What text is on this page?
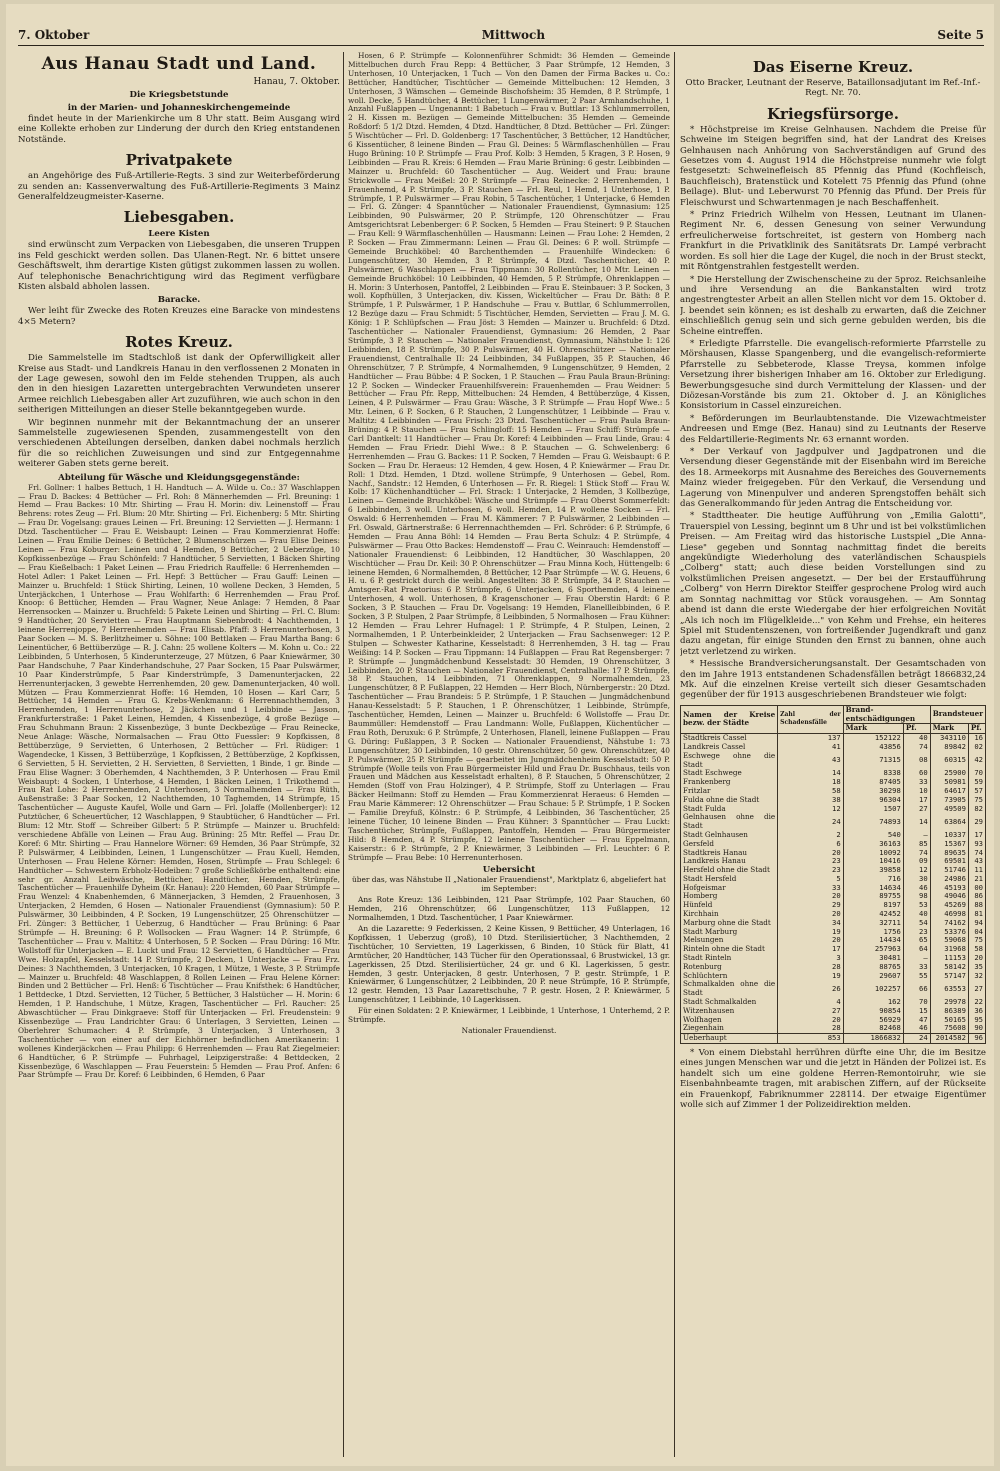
7. Oktober	Mittwoch	Seite 5
Aus Hanau Stadt und Land.
Hanau, 7. Oktober.
Die Kriegsbetstunde
in der Marien- und Johanneskirchengemeinde

findet heute in der Marienkirche um 8 Uhr statt. Beim Ausgang wird eine Kollekte erhoben zur Linderung der durch den Krieg entstandenen Notstände.

Privatpakete

an Angehörige des Fuß-Artillerie-Regts. 3 sind zur Weiterbeförderung zu senden an: Kassenverwaltung des Fuß-Artillerie-Regiments 3 Mainz Generalfeldzeugmeister-Kaserne.

Liebesgaben.
Leere Kisten

sind erwünscht zum Verpacken von Liebesgaben, die unseren Truppen ins Feld geschickt werden sollen. Das Ulanen-Regt. Nr. 6 bittet unsere Geschäftswelt, ihm derartige Kisten gütigst zukommen lassen zu wollen. Auf telephonische Benachrichtigung wird das Regiment verfügbare Kisten alsbald abholen lassen.

Baracke.

Wer leiht für Zwecke des Roten Kreuzes eine Baracke von mindestens 4×5 Metern?

Rotes Kreuz.

Die Sammelstelle im Stadtschloß ist dank der Opferwilligkeit aller Kreise aus Stadt- und Landkreis Hanau in den verflossenen 2 Monaten in der Lage gewesen, sowohl den im Felde stehenden Truppen, als auch den in den hiesigen Lazaretten untergebrachten Verwundeten unserer Armee reichlich Liebesgaben aller Art zuzuführen, wie auch schon in den seitherigen Mitteilungen an dieser Stelle bekanntgegeben wurde.

Wir beginnen nunmehr mit der Bekanntmachung der an unserer Sammelstelle zugewiesenen Spenden, zusammengestellt von den verschiedenen Abteilungen derselben, danken dabei nochmals herzlich für die so reichlichen Zuweisungen und sind zur Entgegennahme weiterer Gaben stets gerne bereit.

Abteilung für Wäsche und Kleidungsgegenstände:

Frl. Gollner: 1 halbes Bettuch, 1 H. Handtuch — A. Wilde u. Co.: 37 Waschlappen — Frau D. Backes: 4 Bettücher — Frl. Roh: 8 Männerhemden — Frl. Breuning: 1 Hemd — Frau Backes: 10 Mtr. Shirting — Frau H. Morin: div. Leinenstoff — Frau Behrens: rotes Zeug — Frl. Blum: 20 Mtr. Shirting — Frl. Eichenberg: 5 Mtr. Shirting — Frau Dr. Vogelsang: graues Leinen — Frl. Breuning: 12 Servietten — J. Hermann: 1 Dtzd. Taschentücher — Frau E. Weisbaupt: Leinen — Frau Kommerzienrat Hoffe: Leinen — Frau Emilie Deines: 6 Bettücher, 2 Blumenschürzen — Frau Elise Deines: Leinen — Frau Koburger: Leinen und 4 Hemden, 9 Bettücher, 2 Ueberzüge, 10 Kopfkissenbezüge — Frau Schönfeld: 7 Handtücher, 5 Servietten, 1 Bäcken Shirting — Frau Kießelbach: 1 Paket Leinen — Frau Friedrich Rauffelle: 6 Herrenhemden — Hotel Adler: 1 Paket Leinen — Frl. Hepf: 3 Bettücher — Frau Gauff: Leinen — Mainzer u. Bruchfeld: 1 Stück Shirting, Leinen, 10 wollene Decken, 3 Hemden, 5 Unterjäckchen, 1 Unterhose — Frau Wohlfarth: 6 Herrenhemden — Frau Prof. Knoop: 6 Bettücher, Hemden — Frau Wagner, Neue Anlage: 7 Hemden, 8 Paar Herrensocken — Mainzer u. Bruchfeld: 5 Pakete Leinen und Shirting — Frl. C. Blum: 9 Handtücher, 20 Servietten — Frau Hauptmann Siebenbrodt: 4 Nachthemden, 1 leinene Herrenjoppe, 7 Herrenhemden — Frau Elisab. Pfaff: 3 Herrenunterhosen, 3 Paar Socken — M. S. Berlitzheimer u. Söhne: 100 Bettlaken — Frau Martha Bang: 6 Leinentücher, 6 Bettüberzüge — R. J. Cahn: 25 wollene Kolters — M. Kohn u. Co.: 22 Leibbinden, 5 Unterhosen, 5 Kinderunterzeuge, 27 Mützen, 6 Paar Kniewärmer, 30 Paar Handschuhe, 7 Paar Kinderhandschuhe, 27 Paar Socken, 15 Paar Pulswärmer, 10 Paar Kinderstrümpfe, 5 Paar Kinderstrümpfe, 3 Damenunterjacken, 22 Herrenunterjacken, 3 gewebte Herrenhemden, 20 gew. Damenunterjacken, 40 woll. Mützen — Frau Kommerzienrat Hoffe: 16 Hemden, 10 Hosen — Karl Carr, 5 Bettücher, 14 Hemden — Frau G. Krebs-Wenkmann: 6 Herrennachthemden, 3 Herrenhemden, 1 Herrenunterhose, 2 Jäckchen und 1 Leibbinde — Jasson, Frankfurterstraße: 1 Paket Leinen, Hemden, 4 Kissenbezüge, 4 große Bezüge — Frau Schuhmann Braun: 2 Kissenbezüge, 3 bunte Deckbezüge — Frau Reinecke, Neue Anlage: Wäsche, Normalsachen — Frau Otto Fuessler: 9 Kopfkissen, 8 Bettüberzüge, 9 Servietten, 6 Unterhosen, 2 Bettücher — Frl. Rüdiger: 1 Wagendecke, 1 Kissen, 3 Bettüberzüge, 1 Kopfkissen, 2 Bettüberzüge, 2 Kopfkissen, 6 Servietten, 5 H. Servietten, 2 H. Servietten, 8 Servietten, 1 Binde, 1 gr. Binde — Frau Elise Wagner: 3 Oberhemden, 4 Nachthemden, 3 P. Unterhosen — Frau Emil Weisbaupt: 4 Socken, 1 Unterhose, 4 Hemden, 1 Bäcken Leinen, 1 Trikothemd — Frau Rat Lohe: 2 Herrenhemden, 2 Unterhosen, 3 Normalhemden — Frau Rüth, Außenstraße: 3 Paar Socken, 12 Nachthemden, 10 Taghemden, 14 Strümpfe, 15 Taschentücher — Auguste Kaufel, Wolle und Garn — Frl. Jolaffe (Mollenberger): 12 Putztücher, 6 Scheuertücher, 12 Waschlappen, 9 Staubtücher, 6 Handtücher — Frl. Blum: 12 Mtr. Stoff — Schreiber Gilbert: 5 P. Strümpfe — Mainzer u. Bruchfeld: verschiedene Abfälle von Leinen — Frau Aug. Brüning: 25 Mtr. Reffel — Frau Dr. Koref: 6 Mtr. Shirting — Frau Hannelore Wörner: 69 Hemden, 36 Paar Strümpfe, 32 P. Pulswärmer, 4 Leibbinden, Leinen, 1 Lungenschützer — Frau Kuell, Hemden, Unterhosen — Frau Helene Körner: Hemden, Hosen, Strümpfe — Frau Schlegel: 6 Handtücher — Schwestern Erbholz-Hodeiben: 7 große Schließkörbe enthaltend: eine sehr gr. Anzahl Leibwäsche, Bettücher, Handtücher, Hemden, Strümpfe, Taschentücher — Frauenhilfe Dyheim (Kr. Hanau): 220 Hemden, 60 Paar Strümpfe — Frau Wenzel: 4 Knabenhemden, 6 Männerjacken, 3 Hemden, 2 Frauenhosen, 3 Unterjacken, 2 Hemden, 6 Hosen — Nationaler Frauendienst (Gymnasium): 50 P. Pulswärmer, 30 Leibbinden, 4 P. Socken, 19 Lungenschützer, 25 Ohrenschützer — Frl. Zünger: 3 Bettücher, 1 Ueberzug, 6 Handtücher — Frau Brüning: 6 Paar Strümpfe — H. Breuning: 6 P. Wollsocken — Frau Wagner: 14 P. Strümpfe, 6 Taschentücher — Frau v. Maltitz: 4 Unterhosen, 5 P. Socken — Frau Düring: 16 Mtr. Wollstoff für Unterjacken — E. Luckt und Frau: 12 Servietten, 6 Handtücher — Frau Wwe. Holzapfel, Kesselstadt: 14 P. Strümpfe, 2 Decken, 1 Unterjacke — Frau Frz. Deines: 3 Nachthemden, 3 Unterjacken, 10 Kragen, 1 Mütze, 1 Weste, 3 P. Strümpfe — Mainzer u. Bruchfeld: 48 Waschlappen, 8 Rollen Leinen — Frau Helene Körner: Binden und 2 Bettücher — Frl. Henß: 6 Tischtücher — Frau Knifsthek: 6 Handtücher, 1 Bettdecke, 1 Dtzd. Servietten, 12 Tücher, 5 Bettücher, 3 Halstücher — H. Morin: 6 Hemden, 1 P. Handschuhe, 1 Mütze, Kragen, Taschentücher — Frl. Raucher: 25 Abwaschtücher — Frau Dinkgraeve: Stoff für Unterjacken — Frl. Freudenstein: 9 Kissenbezüge — Frau Landrichter Grau: 6 Unterlagen, 3 Servietten, Leinen — Oberlehrer Schumacher: 4 P. Strümpfe, 3 Unterjacken, 3 Unterhosen, 3 Taschentücher — von einer auf der Eichhörner befindlichen Amerikanerin: 1 wollenes Kinderjäckchen — Frau Philipp: 6 Herrenhemden — Frau Rat Ziegelmeier: 6 Handtücher, 6 P. Strümpfe — Fuhrhagel, Leipzigerstraße: 4 Bettdecken, 2 Kissenbezüge, 6 Waschlappen — Frau Feuerstein: 5 Hemden — Frau Prof. Anfen: 6 Paar Strümpfe — Frau Dr. Koref: 6 Leibbinden, 6 Hemden, 6 Paar

Hosen, 6 P. Strümpfe — Kolonnenführer Schmidt: 36 Hemden — Gemeinde Mittelbuchen durch Frau Repp: 4 Bettücher, 3 Paar Strümpfe, 12 Hemden, 3 Unterhosen, 10 Unterjacken, 1 Tuch — Von den Damen der Firma Backes u. Co.: Bettücher, Handtücher, Tischtücher — Gemeinde Mittelbuchen: 12 Hemden, 3 Unterhosen, 3 Wämschen — Gemeinde Bischofsheim: 35 Hemden, 8 P. Strümpfe, 1 woll. Decke, 5 Handtücher, 4 Bettücher, 1 Lungenwärmer, 2 Paar Armhandschuhe, 1 Anzahl Fußlappen — Ungenannt: 1 Babetuch — Frau v. Buttlar: 13 Schlummerrollen, 2 H. Kissen m. Bezügen — Gemeinde Mittelbuchen: 35 Hemden — Gemeinde Roßdorf: 5 1/2 Dtzd. Hemden, 4 Dtzd. Handtücher, 8 Dtzd. Bettücher — Frl. Zünger: 5 Wischtücher — Frl. D. Goldenberg: 17 Taschentücher, 3 Bettücher, 12 Handtücher, 6 Kissentücher, 8 leinene Binden — Frau Gl. Deines: 5 Wärmflaschenhüllen — Frau Hugo Brüning: 10 P. Strümpfe — Frau Prof. Kolb: 3 Hemden, 5 Kragen, 3 P. Hosen, 9 Leibbinden — Frau R. Kreis: 6 Hemden — Frau Marie Brüning: 6 gestr. Leibbinden — Mainzer u. Bruchfeld: 60 Taschentücher — Aug. Weidert und Frau: braune Strickwolle — Frau Meißel: 20 P. Strümpfe — Frau Reinecke: 2 Herrenhemden, 1 Frauenhemd, 4 P. Strümpfe, 3 P. Stauchen — Frl. Reul, 1 Hemd, 1 Unterhose, 1 P. Strümpfe, 1 P. Pulswärmer — Frau Robin, 5 Taschentücher, 1 Unterjacke, 6 Hemden — Frl. G. Zünger: 4 Spanntücher — Nationaler Frauendienst, Gymnasium: 125 Leibbinden, 90 Pulswärmer, 20 P. Strümpfe, 120 Ohrenschützer — Frau Amtsgerichtsrat Lebenberger: 6 P. Socken, 5 Hemden — Frau Steinert: 9 P. Stauchen — Frau Kell: 9 Wärmflaschenhüllen — Hausmann: Leinen — Frau Lohe: 2 Hemden, 2 P. Socken — Frau Zimmermann: Leinen — Frau Gl. Deines: 6 P. woll. Strümpfe — Gemeinde Bruchköbel: 40 Barchenthemden — Frauenhilfe Windecken: 6 Lungenschützer, 30 Hemden, 3 P. Strümpfe, 4 Dtzd. Taschentücher, 40 P. Pulswärmer, 6 Waschlappen — Frau Tippmann: 30 Rollentücher, 10 Mtr. Leinen — Gemeinde Bruchköbel: 10 Leibbinden, 40 Hemden, 5 P. Strümpfe, Ohrenklappen — H. Morin: 3 Unterhosen, Pantoffel, 2 Leibbinden — Frau E. Steinbauer: 3 P. Socken, 3 woll. Kopfhüllen, 3 Unterjacken, div. Kissen, Wickeltücher — Frau Dr. Bäth: 8 P. Strümpfe, 1 P. Pulswärmer, 1 P. Handschuhe — Frau v. Buttlar, 6 Schlummerrollen, 12 Bezüge dazu — Frau Schmidt: 5 Tischtücher, Hemden, Servietten — Frau J. M. G. König: 1 P. Schlüpfschen — Frau Jöst: 3 Hemden — Mainzer u. Bruchfeld: 6 Dtzd. Taschentücher — Nationaler Frauendienst, Gymnasium: 26 Hemden, 2 Paar Strümpfe, 3 P. Stauchen — Nationaler Frauendienst, Gymnasium, Nähstube I: 126 Leibbinden, 18 P. Strümpfe, 30 P. Pulswärmer, 40 H. Ohrenschützer — Nationaler Frauendienst, Centralhalle II: 24 Leibbinden, 34 Fußlappen, 35 P. Stauchen, 46 Ohrenschützer, 7 P. Strümpfe, 4 Normalhemden, 9 Lungenschützer, 9 Hemden, 2 Handtücher — Frau Bübbe: 4 P. Socken, 1 P. Stauchen — Frau Paula Braun-Brüning: 12 P. Socken — Windecker Frauenhilfsverein: Frauenhemden — Frau Weidner: 5 Bettücher — Frau Pfr. Repp, Mittelbuchen: 24 Hemden, 4 Bettüberzüge, 4 Kissen, Leinen, 4 P. Pulswärmer — Frau Grau: Wäsche, 3 P. Strümpfe — Frau Hopf Wwe.: 5 Mtr. Leinen, 6 P. Socken, 6 P. Stauchen, 2 Lungenschützer, 1 Leibbinde — Frau v. Maltitz: 4 Leibbinden — Frau Frisch: 23 Dtzd. Taschentücher — Frau Paula Braun-Brüning: 4 P. Stauchen — Frau Schlingloff: 15 Hemden — Frau Schiff: Strümpfe — Carl Dantkelt: 11 Handtücher — Frau Dr. Koref: 4 Leibbinden — Frau Linde, Grau: 4 Hemden — Frau Friedr. Diehl Wwe.: 8 P. Stauchen — G. Schwelenberg: 6 Herrenhemden — Frau G. Backes: 11 P. Socken, 7 Hemden — Frau G. Weisbaupt: 6 P. Socken — Frau Dr. Heraeus: 12 Hemden, 4 gew. Hosen, 4 P. Kniewärmer — Frau Dr. Roll: 1 Dtzd. Hemden, 1 Dtzd. wollene Strümpfe, 9 Unterhosen — Gebel, Rom. Nachf., Sandstr.: 12 Hemden, 6 Unterhosen — Fr. R. Riegel: 1 Stück Stoff — Frau W. Kolb: 17 Küchenhandtücher — Frl. Strack: 1 Unterjacke, 2 Hemden, 3 Kollbezüge, Leinen — Gemeinde Bruchköbel: Wäsche und Strümpfe — Frau Oberst Sommerfeldt: 6 Leibbinden, 3 woll. Unterhosen, 6 woll. Hemden, 14 P. wollene Socken — Frl. Oswald: 6 Herrenhemden — Frau M. Kämmerer: 7 P. Pulswärmer, 2 Leibbinden — Frl. Oswald, Gärtnerstraße: 6 Herrennachthemden — Frl. Schröder: 6 P. Strümpfe, 6 Hemden — Frau Anna Böhl: 14 Hemden — Frau Berta Schulz: 4 P. Strümpfe, 4 Pulswärmer — Frau Otto Backes: Hemdenstoff — Frau C. Weinrauch: Hemdenstoff — Nationaler Frauendienst: 6 Leibbinden, 12 Handtücher, 30 Waschlappen, 20 Wischtücher — Frau Dr. Keil: 30 P. Ohrenschützer — Frau Minna Koch, Hüttengelb: 6 leinene Hemden, 6 Normalhemden, 8 Bettücher, 12 Paar Strümpfe — W. G. Heuens, 6 H. u. 6 P. gestrickt durch die weibl. Angestellten: 38 P. Strümpfe, 34 P. Stauchen — Amtsger.-Rat Praetorius: 6 P. Strümpfe, 6 Unterjacken, 6 Sporthemden, 4 leinene Unterhosen, 4 woll. Unterhosen, 8 Kragenschoner — Frau Oberstin Hardt: 6 P. Socken, 3 P. Stauchen — Frau Dr. Vogelsang: 19 Hemden, Flanellleibbinden, 6 P. Socken, 3 P. Stulpen, 2 Paar Strümpfe, 8 Leibbinden, 5 Normalhosen — Frau Kühner: 12 Hemden — Frau Lehrer Hufnagel: 1 P. Strümpfe, 4 P. Stulpen, Leinen, 2 Normalhemden, 1 P. Unterbeinkleider, 2 Unterjacken — Frau Sachsenweger: 12 P. Stulpen — Schwester Katharine, Kesselstadt: 8 Herrenhemden, 3 H. tag — Frau Weißing: 14 P. Socken — Frau Tippmann: 14 Fußlappen — Frau Rat Regensberger: 7 P. Strümpfe — Jungmädchenbund Kesselstadt: 30 Hemden, 19 Ohrenschützer, 3 Leibbinden, 20 P. Stauchen — Nationaler Frauendienst, Centralhalle: 17 P. Strümpfe, 38 P. Stauchen, 14 Leibbinden, 71 Ohrenklappen, 9 Normalhemden, 23 Lungenschützer, 8 P. Fußlappen, 22 Hemden — Herr Bloch, Nürnbergerstr.: 20 Dtzd. Taschentücher — Frau Brandeis: 5 P. Strümpfe, 1 P. Stauchen — Jungmädchenbund Hanau-Kesselstadt: 5 P. Stauchen, 1 P. Ohrenschützer, 1 Leibbinde, Strümpfe, Taschentücher, Hemden, Leinen — Mainzer u. Bruchfeld: 6 Wollstoffe — Frau Dr. Baummüller: Hemdenstoff — Frau Landmann: Wolle, Fußlappen, Küchentücher — Frau Roth, Deruxuk: 6 P. Strümpfe, 2 Unterhosen, Flanell, leinene Fußlappen — Frau G. Düring: Fußlappen, 3 P. Socken — Nationaler Frauendienst, Nähstube 1: 73 Lungenschützer, 30 Leibbinden, 10 gestr. Ohrenschützer, 50 gew. Ohrenschützer, 40 P. Pulswärmer, 25 P. Strümpfe — gearbeitet im Jungmädchenheim Kesselstadt: 50 P. Strümpfe (Wolle teils von Frau Bürgermeister Hild und Frau Dr. Buschhaus, teils von Frauen und Mädchen aus Kesselstadt erhalten), 8 P. Stauchen, 5 Ohrenschützer, 2 Hemden (Stoff von Frau Holzinger), 4 P. Strümpfe, Stoff zu Unterlagen — Frau Bäcker Heilmann: Stoff zu Hemden — Frau Kommerzienrat Heraeus: 6 Hemden — Frau Marie Kämmerer: 12 Ohrenschützer — Frau Schaue: 5 P. Strümpfe, 1 P. Socken — Familie Dreyfuß, Kölnstr.: 6 P. Strümpfe, 4 Leibbinden, 36 Taschentücher, 25 leinene Tücher, 10 leinene Binden — Frau Kühner: 3 Spanntücher — Frau Luckt: Taschentücher, Strümpfe, Fußlappen, Pantoffeln, Hemden — Frau Bürgermeister Hild: 8 Hemden, 4 P. Strümpfe, 12 leinene Taschentücher — Frau Eppelmann, Kaiserstr.: 6 P. Strümpfe, 2 P. Kniewärmer, 3 Leibbinden — Frl. Leuchter: 6 P. Strümpfe — Frau Bebe: 10 Herrenunterhosen.

Uebersicht

über das, was Nähstube II „Nationaler Frauendienst", Marktplatz 6, abgeliefert hat im September:

Ans Rote Kreuz: 136 Leibbinden, 121 Paar Strümpfe, 102 Paar Stauchen, 60 Hemden, 216 Ohrenschützer, 66 Lungenschützer, 113 Fußlappen, 12 Normalhemden, 1 Dtzd. Taschentücher, 1 Paar Kniewärmer.

An die Lazarette: 9 Federkissen, 2 Keine Kissen, 9 Bettücher, 49 Unterlagen, 16 Kopfkissen, 1 Ueberzug (groß), 10 Dtzd. Sterilisiertücher, 3 Nachthemden, 2 Tischtücher, 10 Servietten, 19 Lagerkissen, 6 Binden, 10 Stück für Blatt, 41 Armtücher, 20 Handtücher, 143 Tücher für den Operationssaal, 6 Brustwickel, 13 gr. Lagerkissen, 25 Dtzd. Sterilisiertücher, 24 gr. und 6 Kl. Lagerkissen, 5 gestr. Hemden, 3 gestr. Unterjacken, 8 gestr. Unterhosen, 7 P. gestr. Strümpfe, 1 P. Kniewärmer, 6 Lungenschützer, 2 Leibbinden, 20 P. neue Strümpfe, 16 P. Strümpfe, 12 gestr. Hemden, 13 Paar Lazarettschuhe, 7 P. gestr. Hosen, 2 P. Kniewärmer, 5 Lungenschützer, 1 Leibbinde, 10 Lagerkissen.

Für einen Soldaten: 2 P. Kniewärmer, 1 Leibbinde, 1 Unterhose, 1 Unterhemd, 2 P. Strümpfe.

Nationaler Frauendienst.

Das Eiserne Kreuz.

Otto Bracker, Leutnant der Reserve, Bataillonsadjutant im Ref.-Inf.-Regt. Nr. 70.

Kriegsfürsorge.

* Höchstpreise im Kreise Gelnhausen. Nachdem die Preise für Schweine im Steigen begriffen sind, hat der Landrat des Kreises Gelnhausen nach Anhörung von Sachverständigen auf Grund des Gesetzes vom 4. August 1914 die Höchstpreise nunmehr wie folgt festgesetzt: Schweinefleisch 85 Pfennig das Pfund (Kochfleisch, Bauchfleisch), Bratenstück und Kotelett 75 Pfennig das Pfund (ohne Beilage). Blut- und Leberwurst 70 Pfennig das Pfund. Der Preis für Fleischwurst und Schwartenmagen je nach Beschaffenheit.

* Prinz Friedrich Wilhelm von Hessen, Leutnant im Ulanen-Regiment Nr. 6, dessen Genesung von seiner Verwundung erfreulicherweise fortschreitet, ist gestern von Homberg nach Frankfurt in die Privatklinik des Sanitätsrats Dr. Lampé verbracht worden. Es soll hier die Lage der Kugel, die noch in der Brust steckt, mit Röntgenstrahlen festgestellt werden.

* Die Herstellung der Zwischenscheine zu der 5proz. Reichsanleihe und ihre Versendung an die Bankanstalten wird trotz angestrengtester Arbeit an allen Stellen nicht vor dem 15. Oktober d. J. beendet sein können; es ist deshalb zu erwarten, daß die Zeichner einschließlich genug sein und sich gerne gebulden werden, bis die Scheine eintreffen.

* Erledigte Pfarrstelle. Die evangelisch-reformierte Pfarrstelle zu Mörshausen, Klasse Spangenberg, und die evangelisch-reformierte Pfarrstelle zu Sebbeterode, Klasse Treysa, kommen infolge Versetzung ihrer bisherigen Inhaber am 16. Oktober zur Erledigung. Bewerbungsgesuche sind durch Vermittelung der Klassen- und der Diözesan-Vorstände bis zum 21. Oktober d. J. an Königliches Konsistorium in Cassel einzureichen.

* Beförderungen im Beurlaubtenstande. Die Vizewachtmeister Andreesen und Emge (Bez. Hanau) sind zu Leutnants der Reserve des Feldartillerie-Regiments Nr. 63 ernannt worden.

* Der Verkauf von Jagdpulver und Jagdpatronen und die Versendung dieser Gegenstände mit der Eisenbahn wird im Bereiche des 18. Armeekorps mit Ausnahme des Bereiches des Gouvernements Mainz wieder freigegeben. Für den Verkauf, die Versendung und Lagerung von Minenpulver und anderen Sprengstoffen behält sich das Generalkommando für jeden Antrag die Entscheidung vor.

* Stadttheater. Die heutige Aufführung von „Emilia Galotti", Trauerspiel von Lessing, beginnt um 8 Uhr und ist bei volkstümlichen Preisen. — Am Freitag wird das historische Lustspiel „Die Anna-Liese" gegeben und Sonntag nachmittag findet die bereits angekündigte Wiederholung des vaterländischen Schauspiels „Colberg" statt; auch diese beiden Vorstellungen sind zu volkstümlichen Preisen angesetzt. — Der bei der Erstaufführung „Colberg" von Herrn Direktor Steiffer gesprochene Prolog wird auch am Sonntag nachmittag vor Stück vorausgehen. — Am Sonntag abend ist dann die erste Wiedergabe der hier erfolgreichen Novität „Als ich noch im Flügelkleide..." von Kehm und Frehse, ein heiteres Spiel mit Studentenszenen, von fortreißender Jugendkraft und ganz dazu angetan, für einige Stunden den Ernst zu bannen, ohne auch jetzt verletzend zu wirken.

* Hessische Brandversicherungsanstalt. Der Gesamtschaden von den im Jahre 1913 entstandenen Schadensfällen beträgt 1866832,24 Mk. Auf die einzelnen Kreise verteilt sich dieser Gesamtschaden gegenüber der für 1913 ausgeschriebenen Brandsteuer wie folgt:

Namen der Kreise bezw. der Städte	Zahl der Schadensfälle	Brand-entschädigungen		Brandsteuer	
		Mark	Pf.	Mark	Pf.
Stadtkreis Cassel	137	152122	40	343110	16
Landkreis Cassel	41	43856	74	89842	02
Eschwege ohne die Stadt	43	71315	08	60315	42
Stadt Eschwege	14	8338	60	25900	70
Frankenberg	18	87405	33	50981	59
Fritzlar	58	30298	10	64617	57
Fulda ohne die Stadt	38	96304	17	73905	75
Stadt Fulda	12	1507	27	49509	82
Gelnhausen ohne die Stadt	24	74893	14	63864	29
Stadt Gelnhausen	2	540	—	10337	17
Gersfeld	6	36163	85	15367	93
Stadtkreis Hanau	20	10092	74	89635	74
Landkreis Hanau	23	10416	09	69501	43
Hersfeld ohne die Stadt	23	39858	12	51746	11
Stadt Hersfeld	5	716	30	24986	21
Hofgeismar	33	14634	46	45193	00
Homberg	20	89755	98	49046	86
Hünfeld	29	8197	53	45269	88
Kirchhain	20	42452	40	46998	81
Marburg ohne die Stadt	34	32711	54	74162	94
Stadt Marburg	19	1756	23	53376	04
Melsungen	20	14434	65	59068	75
Rinteln ohne die Stadt	17	257963	64	31968	58
Stadt Rinteln	3	30481	—	11153	20
Rotenburg	28	88765	33	58142	35
Schlüchtern	19	29607	55	57147	32
Schmalkalden ohne die Stadt	26	102257	66	63553	27
Stadt Schmalkalden	4	162	70	29978	22
Witzenhausen	27	90854	15	86389	36
Wolfhagen	20	56929	47	50165	95
Ziegenhain	28	82468	46	75608	90
Ueberhaupt	853	1866832	24	2014582	96

* Von einem Diebstahl herrühren dürfte eine Uhr, die im Besitze eines jungen Menschen war und die jetzt in Händen der Polizei ist. Es handelt sich um eine goldene Herren-Remontoiruhr, wie sie Eisenbahnbeamte tragen, mit arabischen Ziffern, auf der Rückseite ein Frauenkopf, Fabriknummer 228114. Der etwaige Eigentümer wolle sich auf Zimmer 1 der Polizeidirektion melden.
